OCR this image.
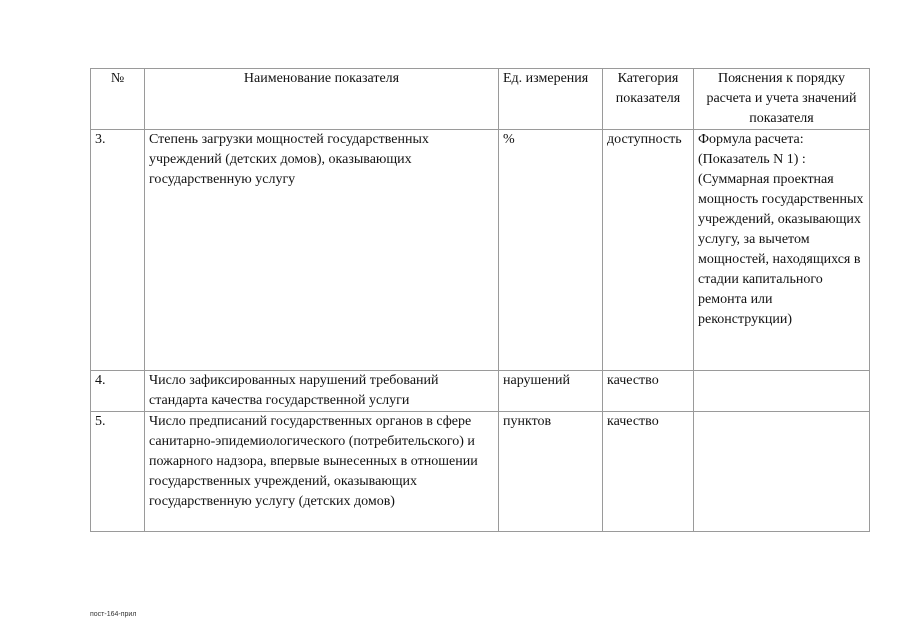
№	Наименование показателя	Ед. измерения	Категория показателя	Пояснения к порядку расчета и учета значений показателя
3.	Степень загрузки мощностей государственных учреждений (детских домов), оказывающих государственную услугу	%	доступность	Формула расчета: (Показатель N 1) : (Суммарная проектная мощность государственных учреждений, оказывающих услугу, за вычетом мощностей, находящихся в стадии капитального ремонта или реконструкции)
4.	Число зафиксированных нарушений требований стандарта качества государственной услуги	нарушений	качество	
5.	Число предписаний государственных органов в сфере санитарно-эпидемиологического (потребительского) и пожарного надзора, впервые вынесенных в отношении государственных учреждений, оказывающих государственную услугу (детских домов)	пунктов	качество	
пост-164-прил
